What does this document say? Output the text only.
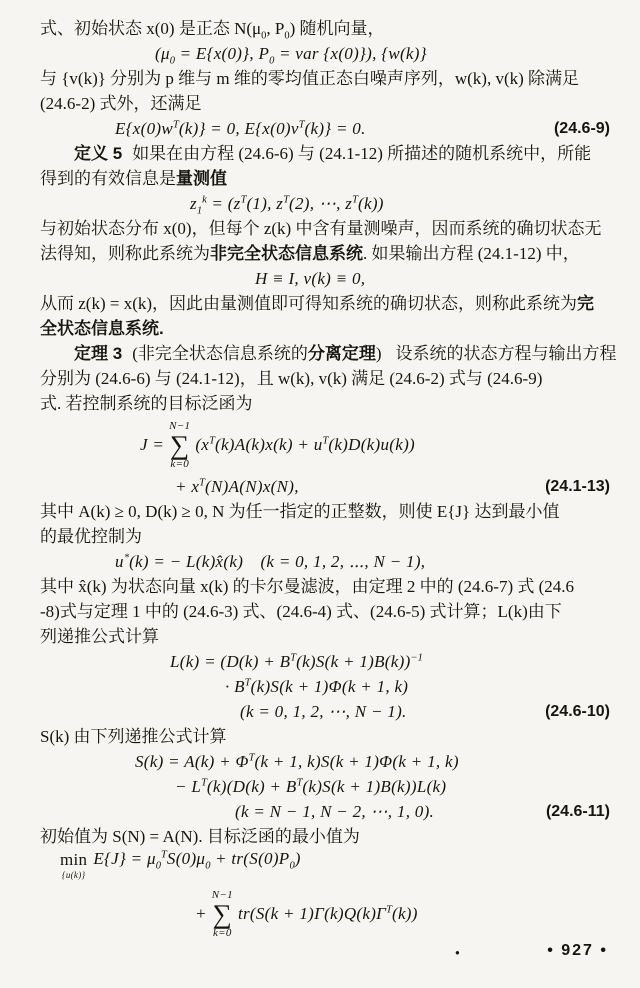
式、初始状态 x(0) 是正态 $N(\mu_0$, $P_0$) 随机向量，
($\mu_0 = E\{x(0)\}$, $P_0$ = var {x(0)}), {w(k)}
与 {v(k)} 分别为 p 维与 m 维的零均值正态白噪声序列，w(k), v(k) 除满足
(24.6-2) 式外，还满足
$E\{x(0)w^T(k)\} = 0$, $E\{x(0)v^T(k)\} = 0$.	(24.6-9)
定义 5 如果在由方程 (24.6-6) 与 (24.1-12) 所描述的随机系统中，所能
得到的有效信息是量测值
$z_1^k = (z^T(1)$, $z^T(2)$, ⋯, $z^T(k)$)
与初始状态分布 x(0)，但每个 z(k) 中含有量测噪声，因而系统的确切状态无
法得知，则称此系统为非完全状态信息系统. 如果输出方程 (24.1-12) 中，
H ≡ I, v(k) ≡ 0,
从而 z(k) = x(k)，因此由量测值即可得知系统的确切状态，则称此系统为完
全状态信息系统.
定理 3 (非完全状态信息系统的分离定理) 设系统的状态方程与输出方程
分别为 (24.6-6) 与 (24.1-12)，且 w(k), v(k) 满足 (24.6-2) 式与 (24.6-9)
式. 若控制系统的目标泛函为
J =
N−1
∑
k=0
$(x^T(k)A(k)x(k) + u^T(k)D(k)u(k))$
+ $x^T(N)A(N)x(N)$,	(24.1-13)
其中 A(k) ≥ 0, D(k) ≥ 0, N 为任一指定的正整数，则使 E{J} 达到最小值
的最优控制为
u*(k) = − L(k)x̂(k)　(k = 0, 1, 2, ⋯, N − 1),
其中 x̂(k) 为状态向量 x(k) 的卡尔曼滤波，由定理 2 中的 (24.6-7) 式 (24.6
-8)式与定理 1 中的 (24.6-3) 式、(24.6-4) 式、(24.6-5) 式计算；L(k)由下
列递推公式计算
$L(k) = (D(k) + B^T(k)S(k + 1)B(k))^{-1}$
· $B^T(k)S(k + 1)\Phi(k + 1$, k)
(k = 0, 1, 2, ⋯, N − 1).	(24.6-10)
S(k) 由下列递推公式计算
$S(k) = A(k) + \Phi^T(k + 1$, k)S(k + 1)Φ(k + 1, k)
− $L^T(k)(D(k) + B^T(k)S(k + 1)B(k))L(k)$
(k = N − 1, N − 2, ⋯, 1, 0).	(24.6-11)
初始值为 S(N) = A(N). 目标泛函的最小值为
min
{u(k)}
$E\{J\} = \mu_0^TS(0)\mu_0 + tr(S(0)P_0)$
+
N−1
∑
k=0
$tr(S(k + 1)\Gamma(k)Q(k)\Gamma^T(k))$
●	• 927 •
